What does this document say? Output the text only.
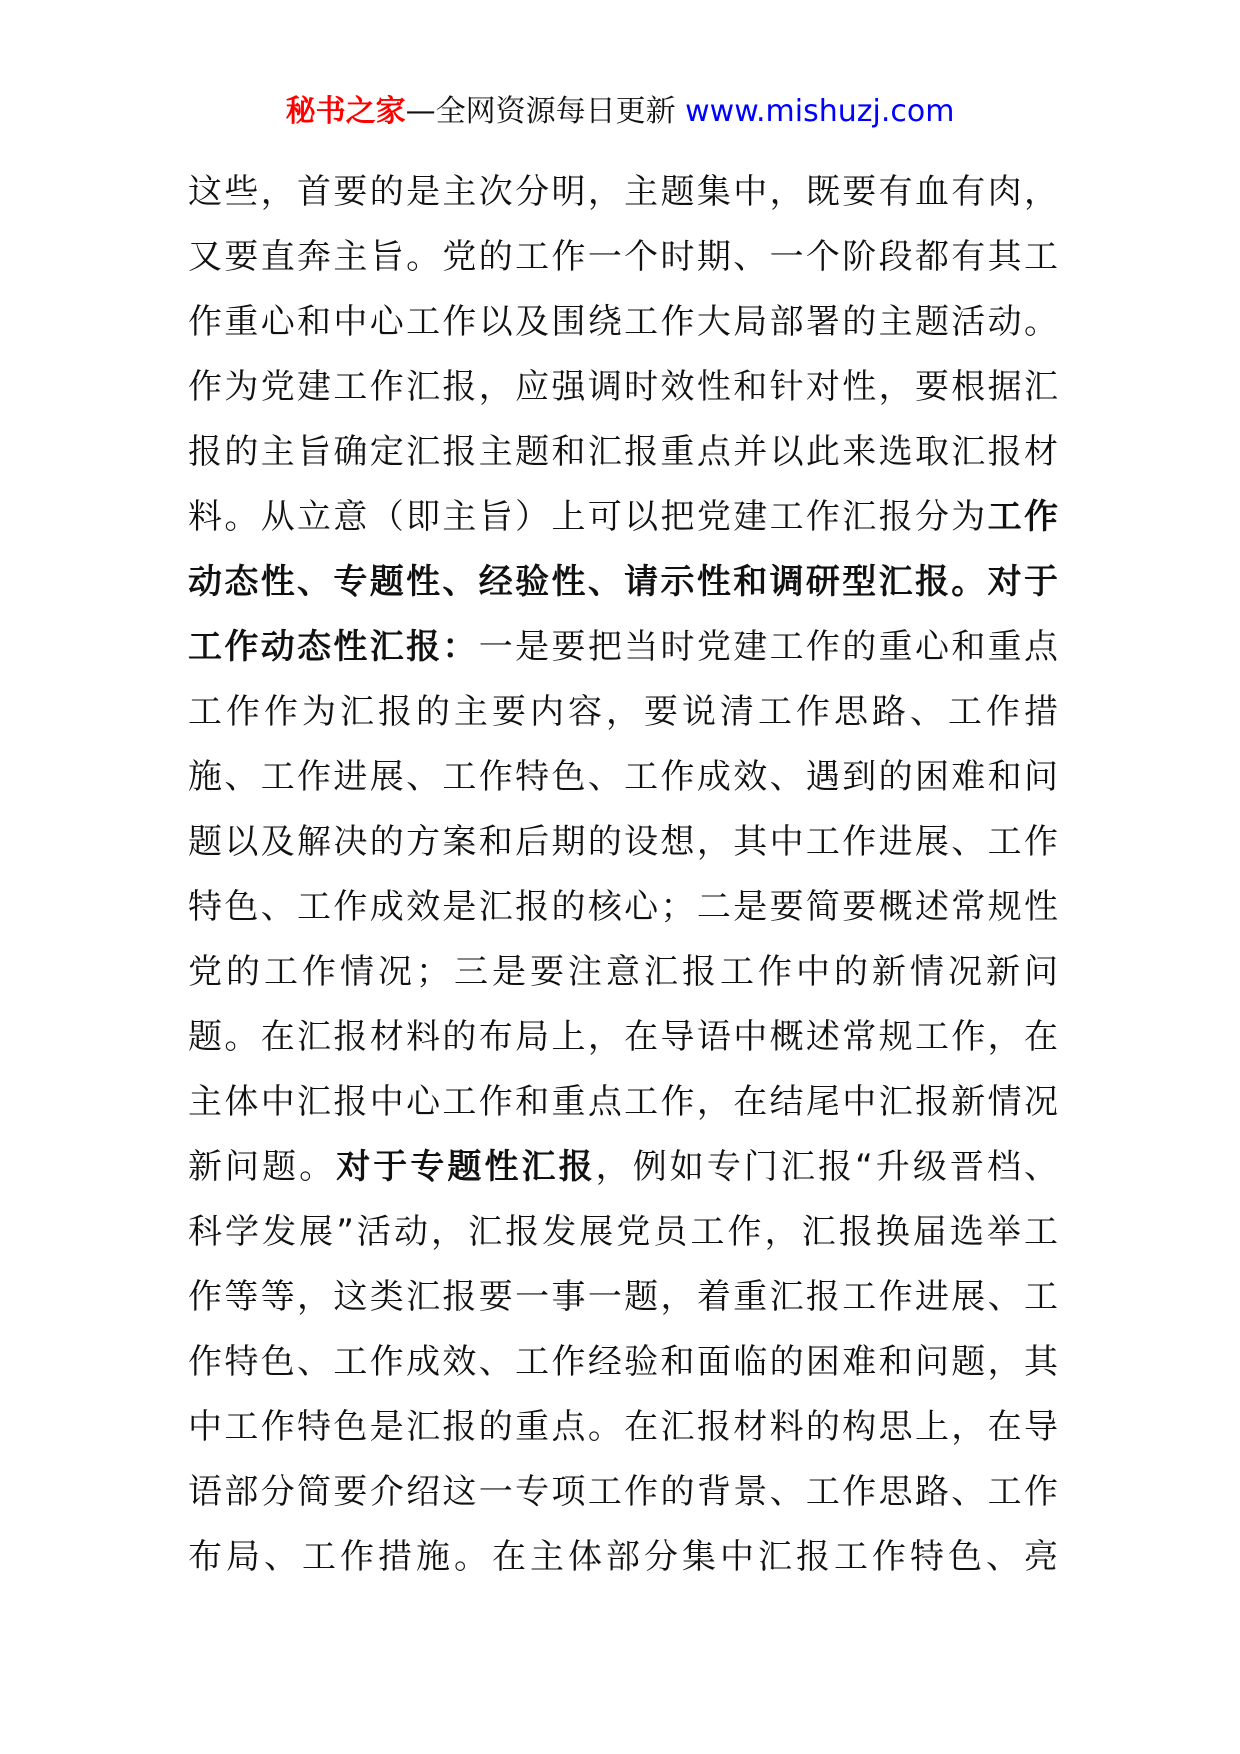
秘书之家—全网资源每日更新 www.mishuzj.com
这些，首要的是主次分明，主题集中，既要有血有肉，
又要直奔主旨。党的工作一个时期、一个阶段都有其工
作重心和中心工作以及围绕工作大局部署的主题活动。
作为党建工作汇报，应强调时效性和针对性，要根据汇
报的主旨确定汇报主题和汇报重点并以此来选取汇报材
料。从立意（即主旨）上可以把党建工作汇报分为工作
动态性、专题性、经验性、请示性和调研型汇报。对于
工作动态性汇报：一是要把当时党建工作的重心和重点
工作作为汇报的主要内容，要说清工作思路、工作措
施、工作进展、工作特色、工作成效、遇到的困难和问
题以及解决的方案和后期的设想，其中工作进展、工作
特色、工作成效是汇报的核心；二是要简要概述常规性
党的工作情况；三是要注意汇报工作中的新情况新问
题。在汇报材料的布局上，在导语中概述常规工作，在
主体中汇报中心工作和重点工作，在结尾中汇报新情况
新问题。对于专题性汇报，例如专门汇报“升级晋档、
科学发展”活动，汇报发展党员工作，汇报换届选举工
作等等，这类汇报要一事一题，着重汇报工作进展、工
作特色、工作成效、工作经验和面临的困难和问题，其
中工作特色是汇报的重点。在汇报材料的构思上，在导
语部分简要介绍这一专项工作的背景、工作思路、工作
布局、工作措施。在主体部分集中汇报工作特色、亮
